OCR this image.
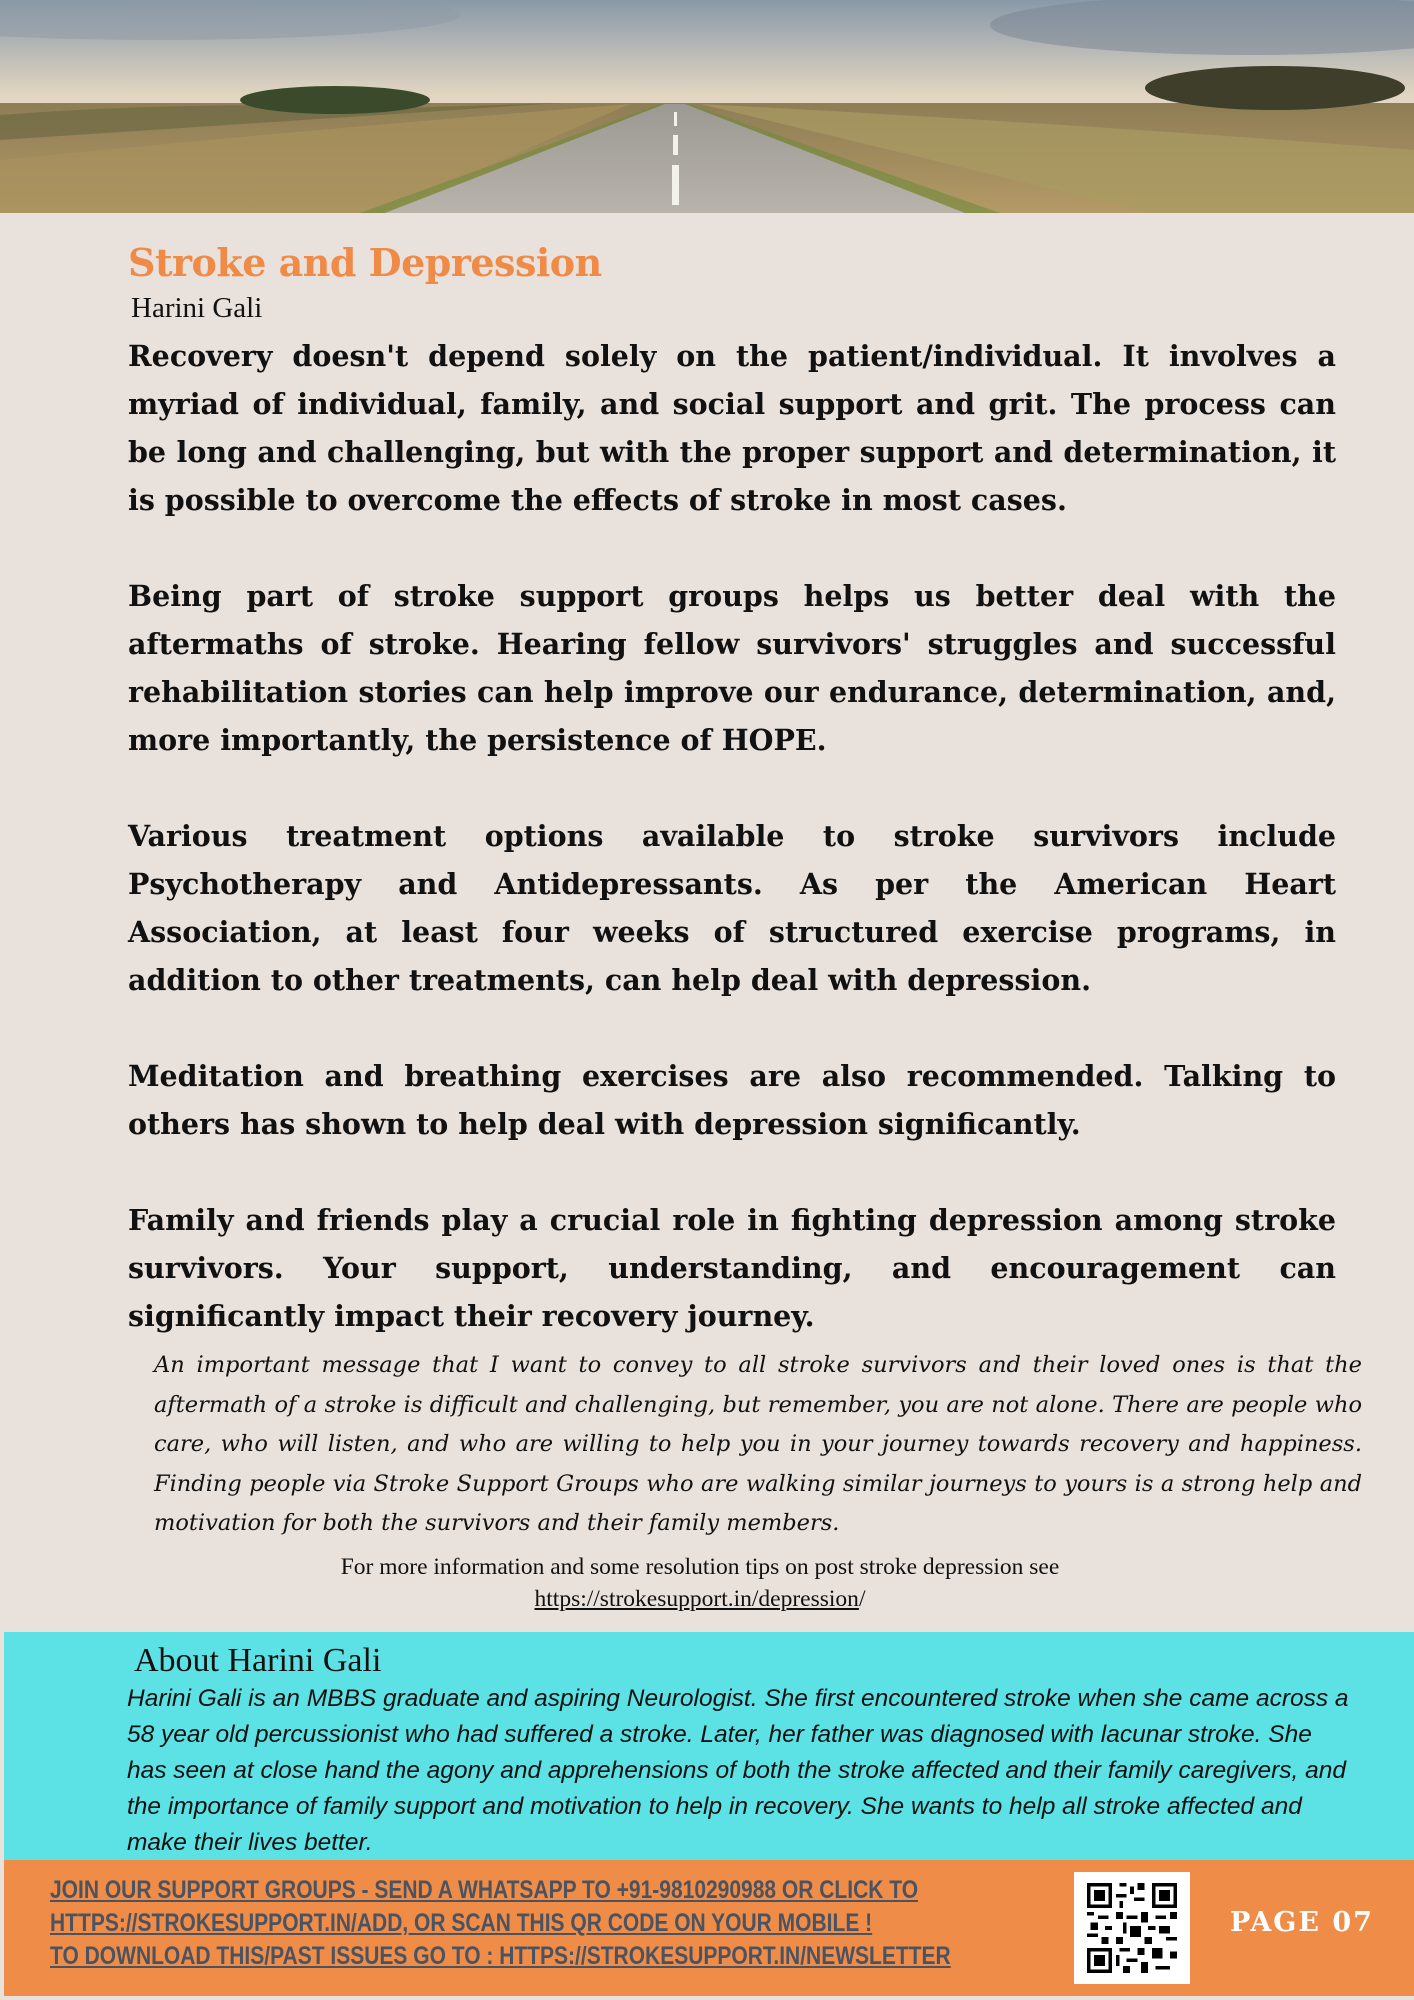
Stroke and Depression
Harini Gali

Recovery doesn't depend solely on the patient/individual. It involves a myriad of individual, family, and social support and grit. The process can be long and challenging, but with the proper support and determination, it is possible to overcome the effects of stroke in most cases.

Being part of stroke support groups helps us better deal with the aftermaths of stroke. Hearing fellow survivors' struggles and successful rehabilitation stories can help improve our endurance, determination, and, more importantly, the persistence of HOPE.

Various treatment options available to stroke survivors include Psychotherapy and Antidepressants. As per the American Heart Association, at least four weeks of structured exercise programs, in addition to other treatments, can help deal with depression.

Meditation and breathing exercises are also recommended. Talking to others has shown to help deal with depression significantly.

Family and friends play a crucial role in fighting depression among stroke survivors. Your support, understanding, and encouragement can significantly impact their recovery journey.

An important message that I want to convey to all stroke survivors and their loved ones is that the aftermath of a stroke is difficult and challenging, but remember, you are not alone. There are people who care, who will listen, and who are willing to help you in your journey towards recovery and happiness. Finding people via Stroke Support Groups who are walking similar journeys to yours is a strong help and motivation for both the survivors and their family members.

For more information and some resolution tips on post stroke depression see
https://strokesupport.in/depression/
About Harini Gali

Harini Gali is an MBBS graduate and aspiring Neurologist. She first encountered stroke when she came across a 58 year old percussionist who had suffered a stroke. Later, her father was diagnosed with lacunar stroke. She has seen at close hand the agony and apprehensions of both the stroke affected and their family caregivers, and the importance of family support and motivation to help in recovery. She wants to help all stroke affected and make their lives better.

JOIN OUR SUPPORT GROUPS - SEND A WHATSAPP TO +91-9810290988 OR CLICK TO
HTTPS://STROKESUPPORT.IN/ADD, OR SCAN THIS QR CODE ON YOUR MOBILE !
TO DOWNLOAD THIS/PAST ISSUES GO TO : HTTPS://STROKESUPPORT.IN/NEWSLETTER
PAGE 07
